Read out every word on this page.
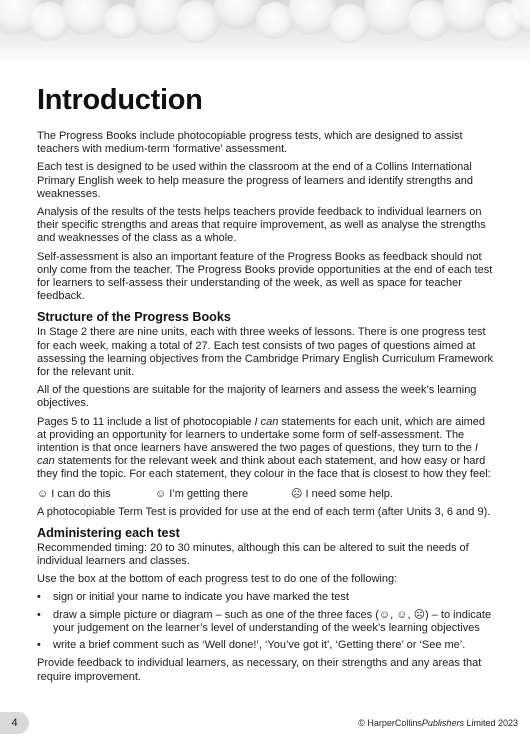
Introduction

The Progress Books include photocopiable progress tests, which are designed to assist teachers with medium-term ‘formative’ assessment.

Each test is designed to be used within the classroom at the end of a Collins International Primary English week to help measure the progress of learners and identify strengths and weaknesses.

Analysis of the results of the tests helps teachers provide feedback to individual learners on their specific strengths and areas that require improvement, as well as analyse the strengths and weaknesses of the class as a whole.

Self-assessment is also an important feature of the Progress Books as feedback should not only come from the teacher. The Progress Books provide opportunities at the end of each test for learners to self-assess their understanding of the week, as well as space for teacher feedback.

Structure of the Progress Books

In Stage 2 there are nine units, each with three weeks of lessons. There is one progress test for each week, making a total of 27. Each test consists of two pages of questions aimed at assessing the learning objectives from the Cambridge Primary English Curriculum Framework for the relevant unit.

All of the questions are suitable for the majority of learners and assess the week’s learning objectives.

Pages 5 to 11 include a list of photocopiable I can statements for each unit, which are aimed at providing an opportunity for learners to undertake some form of self-assessment. The intention is that once learners have answered the two pages of questions, they turn to the I can statements for the relevant week and think about each statement, and how easy or hard they find the topic. For each statement, they colour in the face that is closest to how they feel:

☺ I can do this	☺ I’m getting there	☹ I need some help.

A photocopiable Term Test is provided for use at the end of each term (after Units 3, 6 and 9).

Administering each test

Recommended timing: 20 to 30 minutes, although this can be altered to suit the needs of individual learners and classes.

Use the box at the bottom of each progress test to do one of the following:

• sign or initial your name to indicate you have marked the test
• draw a simple picture or diagram – such as one of the three faces (☺, ☺, ☹) – to indicate your judgement on the learner’s level of understanding of the week’s learning objectives
• write a brief comment such as ‘Well done!’, ‘You’ve got it’, ‘Getting there’ or ‘See me’.

Provide feedback to individual learners, as necessary, on their strengths and any areas that require improvement.

4	© HarperCollinsPublishers Limited 2023
